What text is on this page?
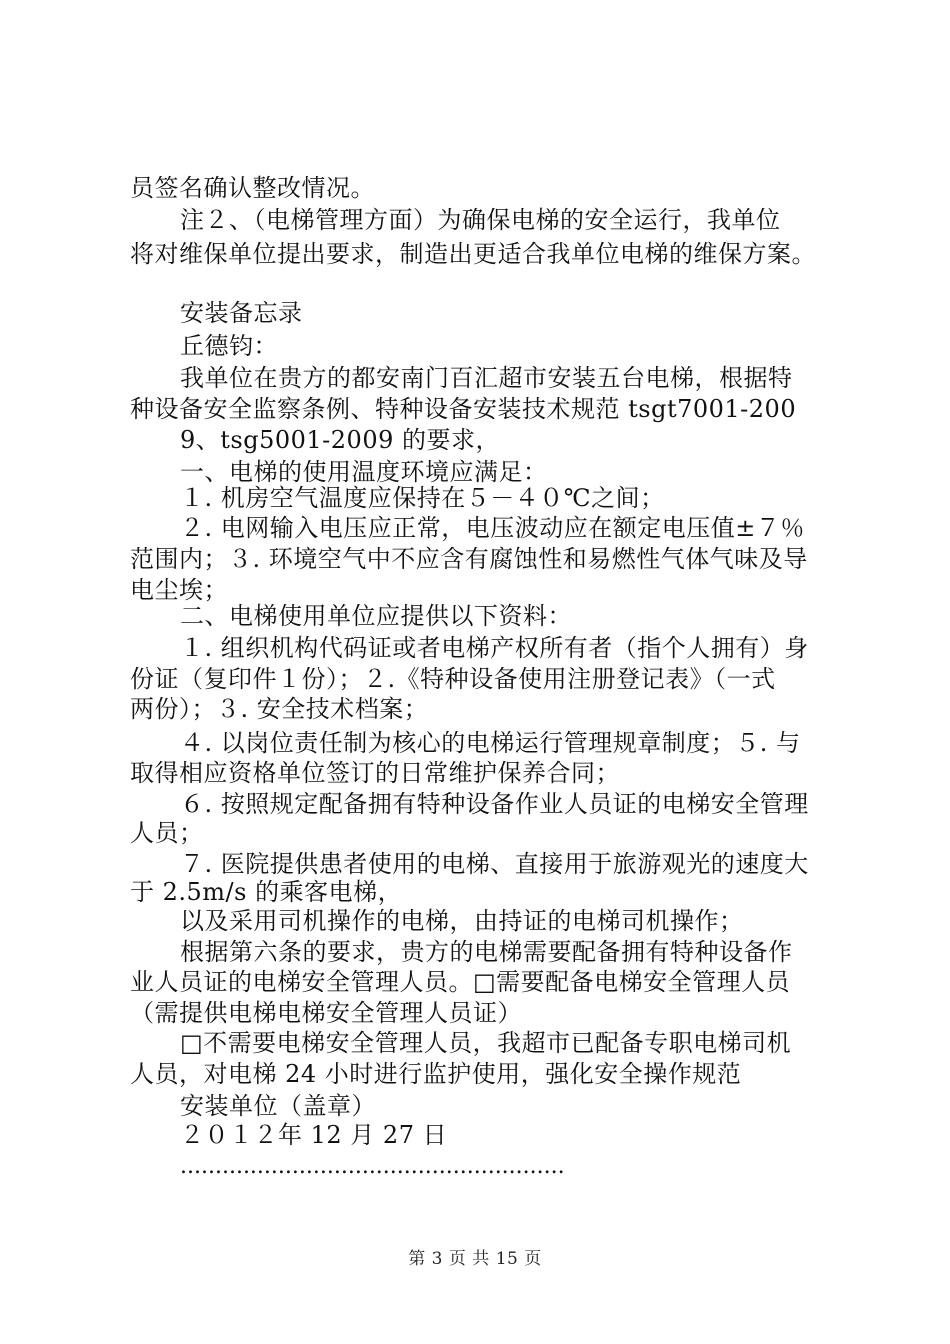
员签名确认整改情况。
注２、（电梯管理方面）为确保电梯的安全运行，我单位
将对维保单位提出要求，制造出更适合我单位电梯的维保方案。
安装备忘录
丘德钧：
我单位在贵方的都安南门百汇超市安装五台电梯，根据特
种设备安全监察条例、特种设备安装技术规范 tsgt7001-200
9、tsg5001-2009 的要求，
一、电梯的使用温度环境应满足：
１. 机房空气温度应保持在５－４０℃之间；
２. 电网输入电压应正常，电压波动应在额定电压值±７％
范围内；３. 环境空气中不应含有腐蚀性和易燃性气体气味及导
电尘埃；
二、电梯使用单位应提供以下资料：
１. 组织机构代码证或者电梯产权所有者（指个人拥有）身
份证（复印件１份）；２.《特种设备使用注册登记表》（一式
两份）；３. 安全技术档案；
４. 以岗位责任制为核心的电梯运行管理规章制度；５. 与
取得相应资格单位签订的日常维护保养合同；
６. 按照规定配备拥有特种设备作业人员证的电梯安全管理
人员；
７. 医院提供患者使用的电梯、直接用于旅游观光的速度大
于 2.5m/s 的乘客电梯，
以及采用司机操作的电梯，由持证的电梯司机操作；
根据第六条的要求，贵方的电梯需要配备拥有特种设备作
业人员证的电梯安全管理人员。□需要配备电梯安全管理人员
（需提供电梯电梯安全管理人员证）
□不需要电梯安全管理人员，我超市已配备专职电梯司机
人员，对电梯 24 小时进行监护使用，强化安全操作规范
安装单位（盖章）
２０１２年 12 月 27 日
.......................................................
第 3 页 共 15 页
